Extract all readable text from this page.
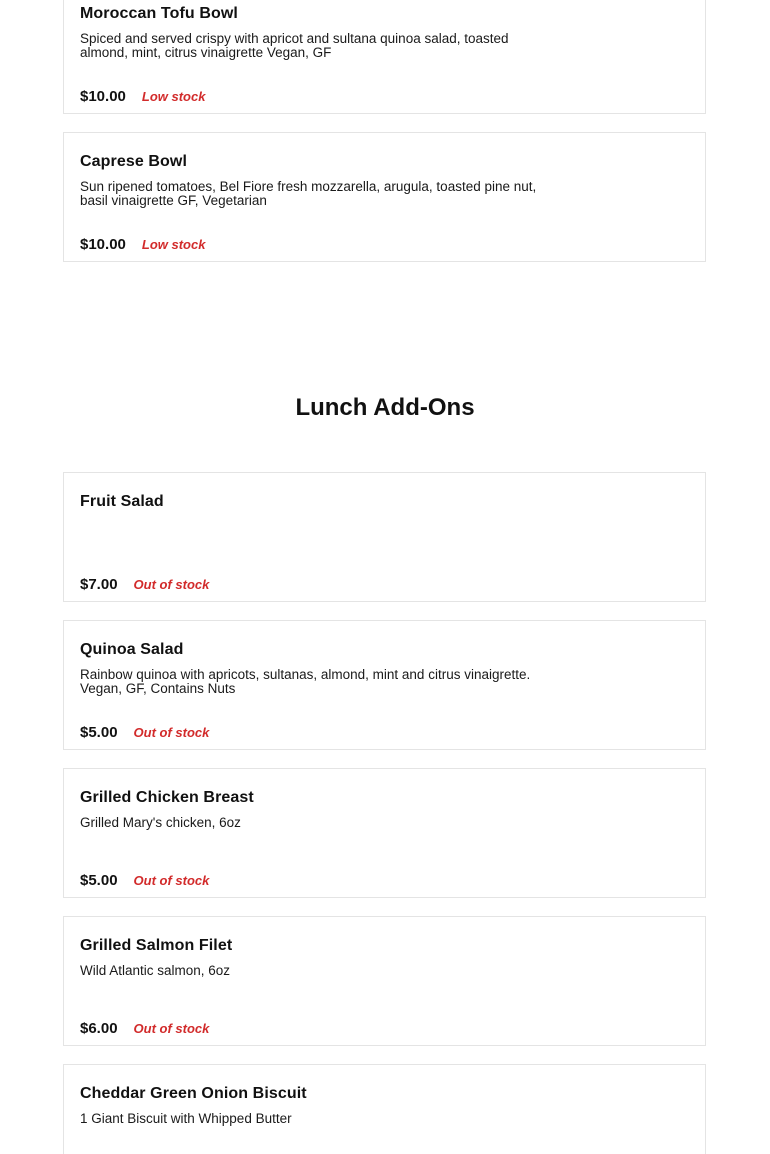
Moroccan Tofu Bowl
Spiced and served crispy with apricot and sultana quinoa salad, toasted almond, mint, citrus vinaigrette Vegan, GF
$10.00 Low stock
Caprese Bowl
Sun ripened tomatoes, Bel Fiore fresh mozzarella, arugula, toasted pine nut, basil vinaigrette GF, Vegetarian
$10.00 Low stock
Lunch Add-Ons
Fruit Salad
$7.00 Out of stock
Quinoa Salad
Rainbow quinoa with apricots, sultanas, almond, mint and citrus vinaigrette. Vegan, GF, Contains Nuts
$5.00 Out of stock
Grilled Chicken Breast
Grilled Mary's chicken, 6oz
$5.00 Out of stock
Grilled Salmon Filet
Wild Atlantic salmon, 6oz
$6.00 Out of stock
Cheddar Green Onion Biscuit
1 Giant Biscuit with Whipped Butter
